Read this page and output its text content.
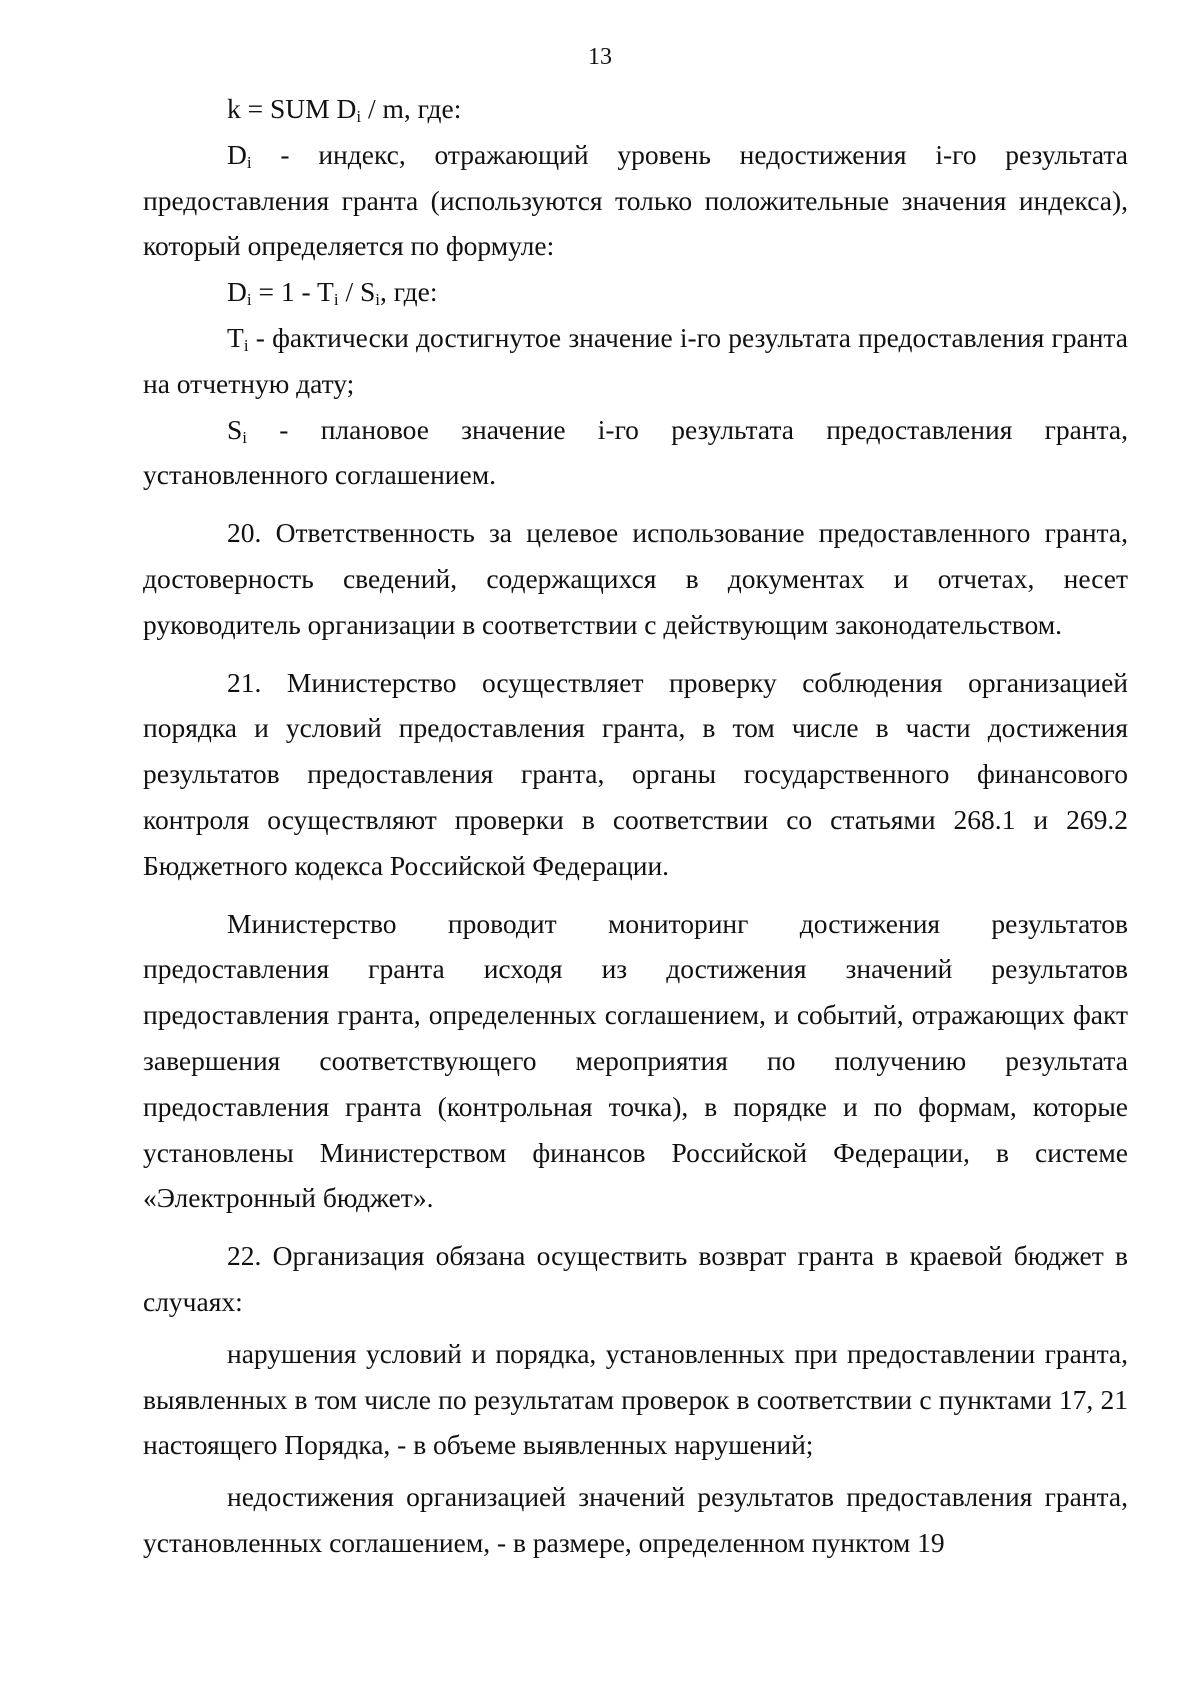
13

k = SUM $D_i$ / m, где:

$D_i$ - индекс, отражающий уровень недостижения i-го результата предоставления гранта (используются только положительные значения индекса), который определяется по формуле:

$D_i = 1 - T_i / S_i$, где:

$T_i$ - фактически достигнутое значение i-го результата предоставления гранта на отчетную дату;

$S_i$ - плановое значение i-го результата предоставления гранта, установленного соглашением.

20. Ответственность за целевое использование предоставленного гранта, достоверность сведений, содержащихся в документах и отчетах, несет руководитель организации в соответствии с действующим законодательством.

21. Министерство осуществляет проверку соблюдения организацией порядка и условий предоставления гранта, в том числе в части достижения результатов предоставления гранта, органы государственного финансового контроля осуществляют проверки в соответствии со статьями 268.1 и 269.2 Бюджетного кодекса Российской Федерации.

Министерство проводит мониторинг достижения результатов предоставления гранта исходя из достижения значений результатов предоставления гранта, определенных соглашением, и событий, отражающих факт завершения соответствующего мероприятия по получению результата предоставления гранта (контрольная точка), в порядке и по формам, которые установлены Министерством финансов Российской Федерации, в системе «Электронный бюджет».

22. Организация обязана осуществить возврат гранта в краевой бюджет в случаях:

нарушения условий и порядка, установленных при предоставлении гранта, выявленных в том числе по результатам проверок в соответствии с пунктами 17, 21 настоящего Порядка, - в объеме выявленных нарушений;

недостижения организацией значений результатов предоставления гранта, установленных соглашением, - в размере, определенном пунктом 19
